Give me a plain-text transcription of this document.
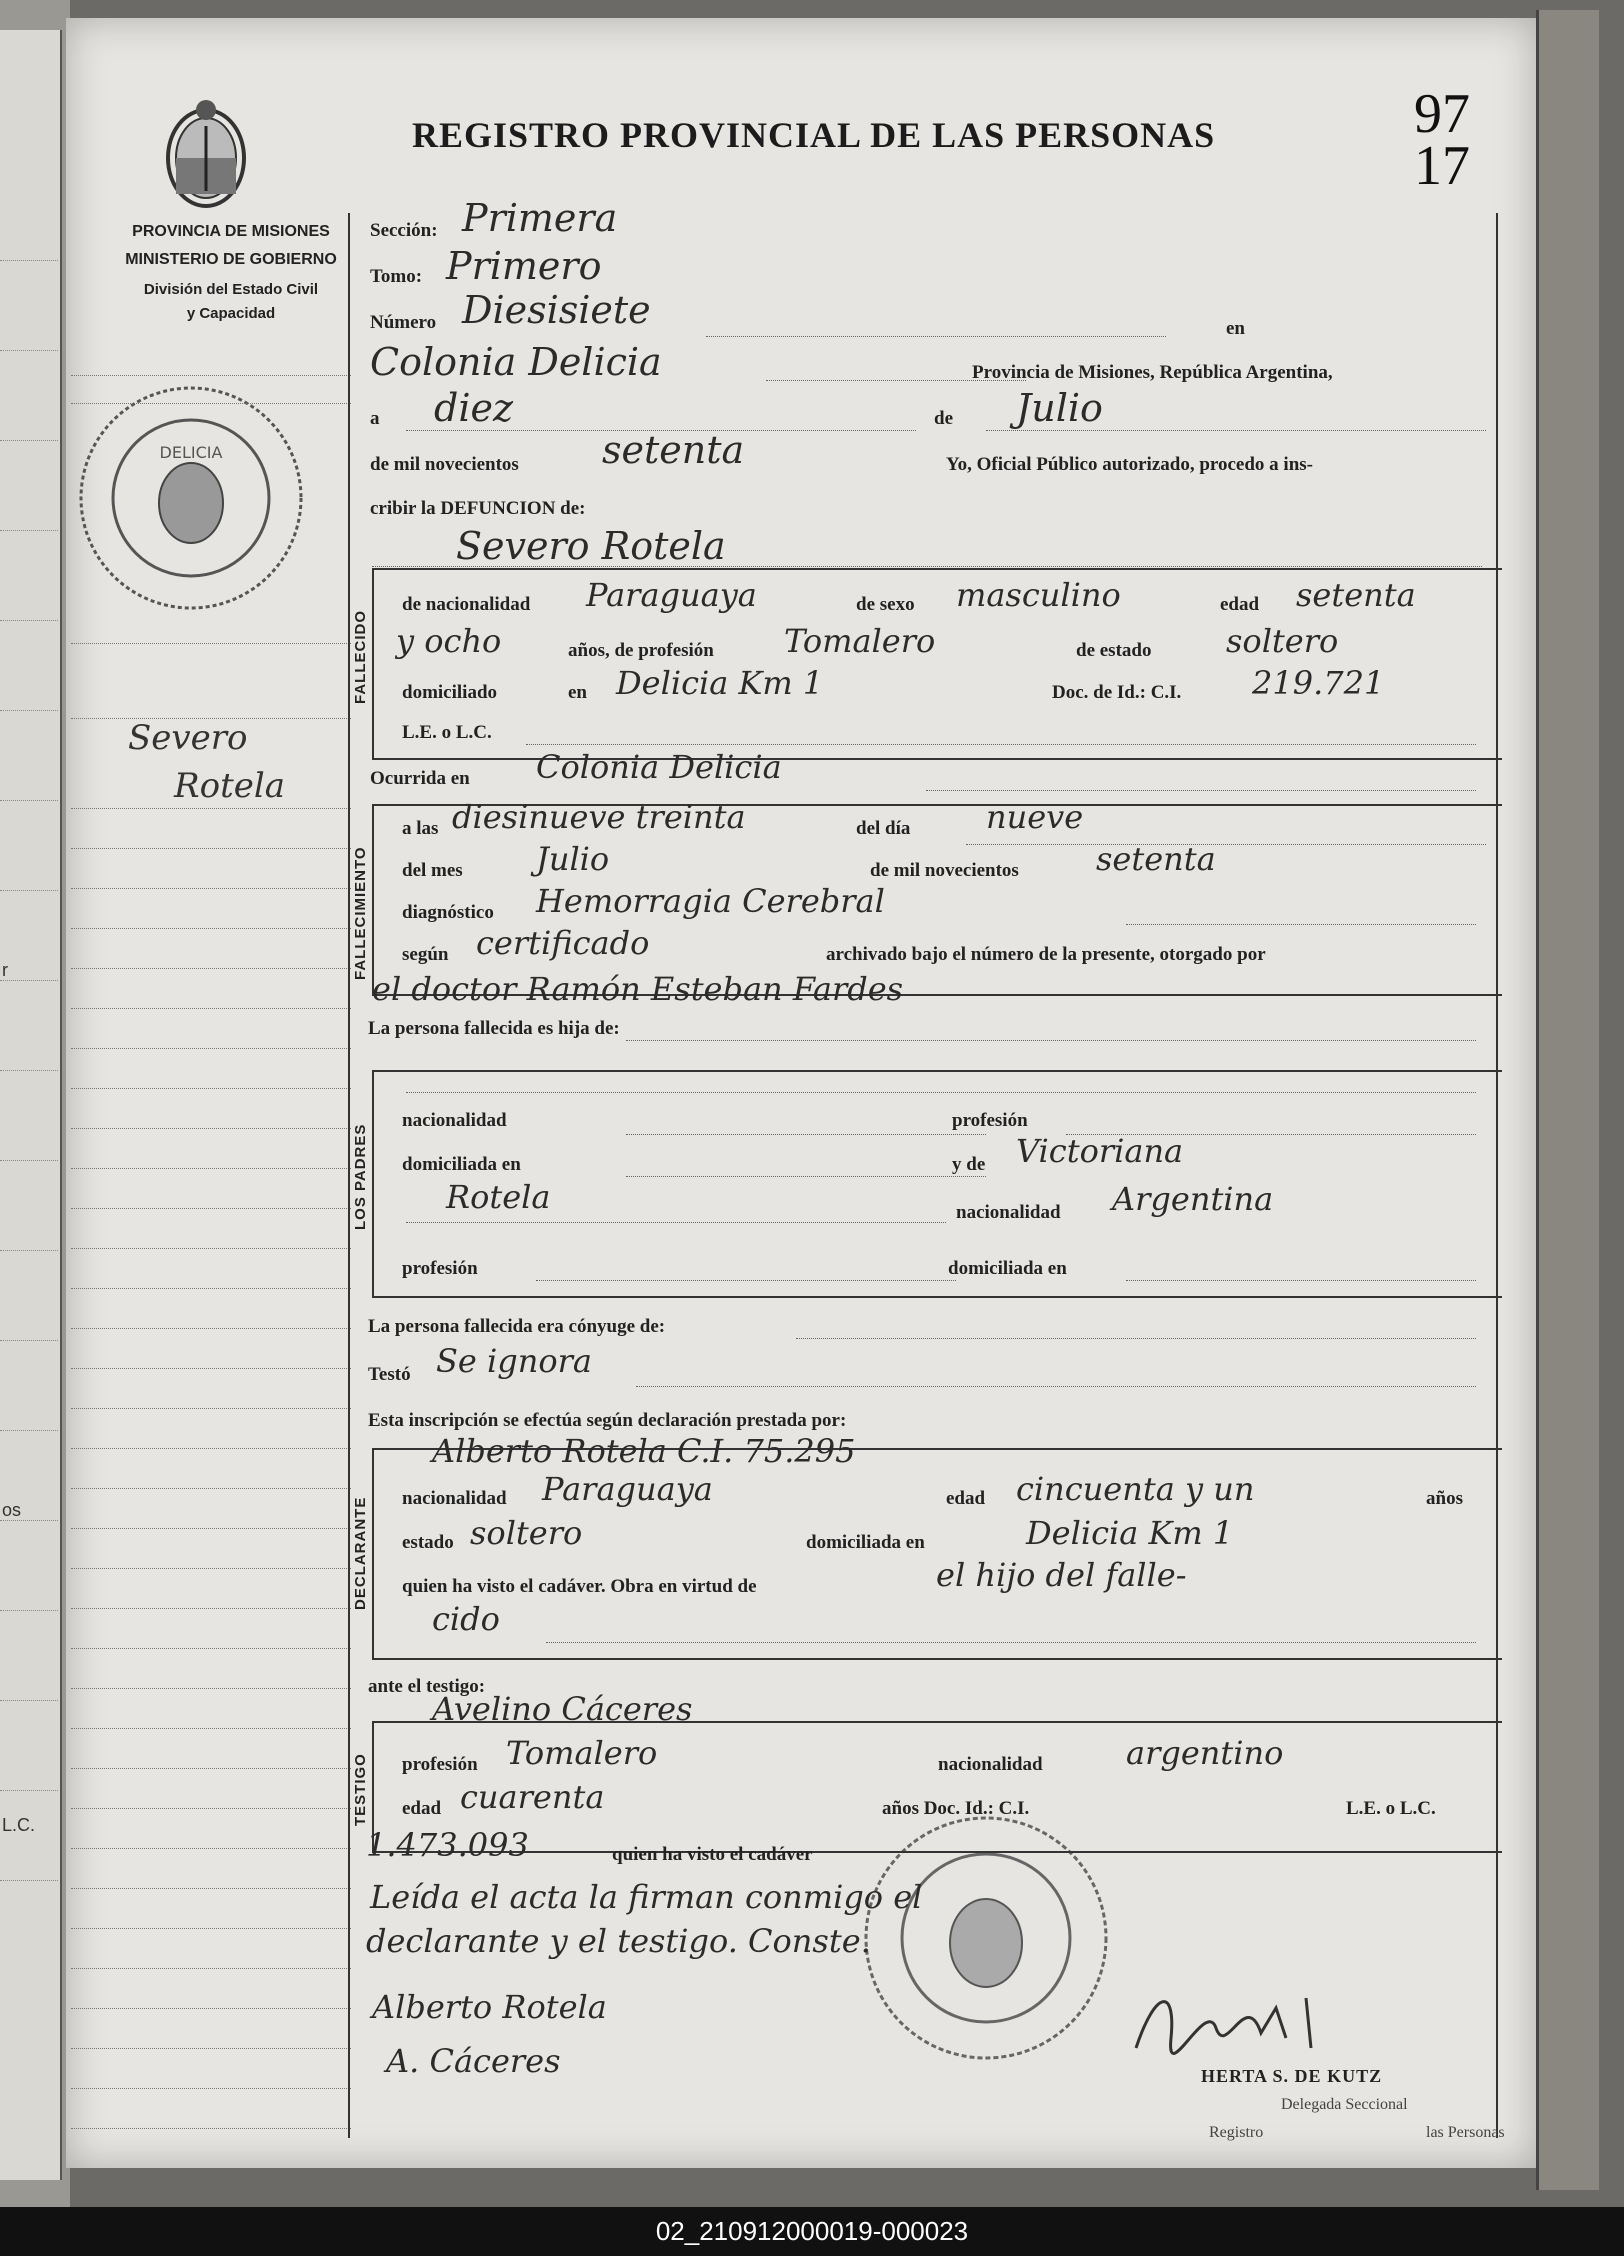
r
os
L.C.
PROVINCIA DE MISIONES
MINISTERIO DE GOBIERNO
División del Estado Civil
y Capacidad
DELICIA
REGISTRO PROVINCIAL DE LAS PERSONAS	97
17
Severo
Rotela
Sección: Primera
Tomo: Primero
Número Diesisiete	en
Colonia Delicia	Provincia de Misiones, República Argentina,
a diez	de Julio
de mil novecientos setenta	Yo, Oficial Público autorizado, procedo a ins-
cribir la DEFUNCION de:
Severo Rotela
FALLECIDO
de nacionalidad Paraguaya	de sexo masculino	edad setenta
y ocho	años, de profesión Tomalero	de estado soltero
domiciliado	en Delicia Km 1	Doc. de Id.: C.I. 219.721
L.E. o L.C.
Ocurrida en Colonia Delicia
FALLECIMIENTO
a las diesinueve treinta	del día nueve
del mes Julio	de mil novecientos setenta
diagnóstico Hemorragia Cerebral
según certificado	archivado bajo el número de la presente, otorgado por
el doctor Ramón Esteban Fardes
La persona fallecida es hija de:
LOS PADRES
nacionalidad	profesión
domiciliada en	y de Victoriana
Rotela	nacionalidad Argentina
profesión	domiciliada en
La persona fallecida era cónyuge de:
Testó Se ignora
Esta inscripción se efectúa según declaración prestada por:
Alberto Rotela C.I. 75.295
DECLARANTE nacionalidad Paraguaya	edad cincuenta y un	años
estado soltero	domiciliada en	Delicia Km 1
quien ha visto el cadáver. Obra en virtud de	el hijo del falle-
cido
ante el testigo:
Avelino Cáceres
TESTIGO profesión Tomalero	nacionalidad	argentino
edad cuarenta	años Doc. Id.: C.I.	L.E. o L.C.
1.473.093	quien ha visto el cadáver
Leída el acta la firman conmigo el
declarante y el testigo. Conste.
Alberto Rotela
A. Cáceres	HERTA S. DE KUTZ
Delegada Seccional
Registro	las Personas
02_210912000019-000023
